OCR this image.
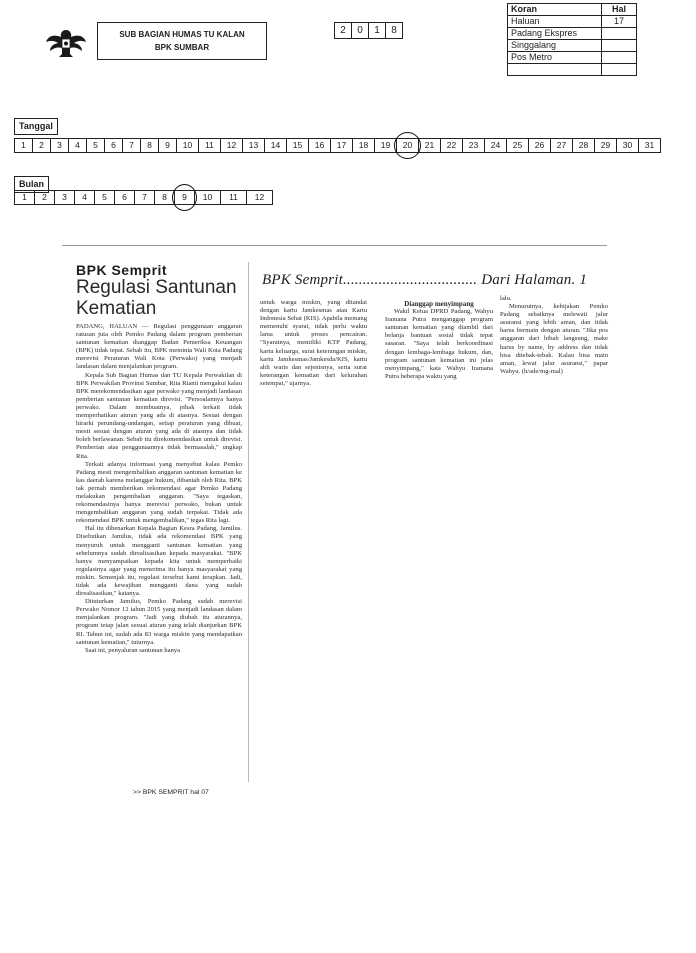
SUB BAGIAN HUMAS TU KALAN
BPK SUMBAR
2	0	1	8
Koran	Hal
Haluan	17
Padang Ekspres	
Singgalang	
Pos Metro	

Tanggal
1	2	3	4	5	6	7	8	9	10	11	12	13	14	15	16	17	18	19	20	21	22	23	24	25	26	27	28	29	30	31
Bulan
1	2	3	4	5	6	7	8	9	10	11	12
BPK Semprit
Regulasi Santunan
Kematian
BPK Semprit.................................. Dari Halaman. 1

PADANG, HALUAN — Regulasi penggunaan anggaran ratusan juta oleh Pemko Padang dalam program pemberian santunan kematian dianggap Badan Pemeriksa Keuangan (BPK) tidak tepat. Sebab itu, BPK meminta Wali Kota Padang merevisi Peraturan Wali Kota (Perwako) yang menjadi landasan dalam menjalankan program.

Kepala Sub Bagian Humas dan TU Kepala Perwakilan di BPK Perwakilan Provinsi Sumbar, Rita Rianti mengakui kalau BPK merekomendasikan agar perwako yang menjadi landasan pemberian santunan kematian direvisi. "Persoalannya hanya perwako. Dalam membuatnya, pihak terkait tidak memperhatikan aturan yang ada di atasnya. Sesuai dengan hirarki perundang-undangan, setiap peraturan yang dibuat, mesti sesuai dengan aturan yang ada di atasnya dan tidak boleh berlawanan. Sebab itu direkomendasikan untuk direvisi. Pemberian atas penggunaannya tidak bermasalah," ungkap Rita.

Terkait adanya informasi yang menyebut kalau Pemko Padang mesti mengembalikan anggaran santunan kematian ke kas daerah karena melanggar hukum, dibantah oleh Rita. BPK tak pernah memberikan rekomendasi agar Pemko Padang melakukan pengembalian anggaran. "Saya tegaskan, rekomendasinya hanya merevisi perwako, bukan untuk mengembalikan anggaran yang sudah terpakai. Tidak ada rekomendasi BPK untuk mengembalikan," tegas Rita lagi.

Hal itu dibenarkan Kepala Bagian Kesra Padang, Jamilus. Disebutkan Jamilus, tidak ada rekomendasi BPK yang menyuruh untuk mengganti santunan kematian yang sebelumnya sudah direalisasikan kepada masyarakat. "BPK hanya menyampaikan kepada kita untuk memperbaiki regulasinya agar yang menerima itu hanya masyarakat yang miskin. Semenjak itu, regulasi tersebut kami terapkan. Jadi, tidak ada kewajiban mengganti dana yang sudah direalisasikan," katanya.

Dituturkan Jamilus, Pemko Padang sudah merevisi Perwako Nomor 12 tahun 2015 yang menjadi landasan dalam menjalankan program. "Jadi yang diubah itu aturannya, program tetap jalan sesuai aturan yang telah dianjurkan BPK RI. Tahun ini, sudah ada 83 warga miskin yang mendapatkan santunan kematian," tuturnya.

Saat ini, penyaluran santunan hanya

>> BPK SEMPRIT hal 07

untuk warga miskin, yang ditandai dengan kartu Jamkesmas atau Kartu Indonesia Sehat (KIS). Apabila memang memenuhi syarat, tidak perlu waktu lama untuk proses pencairan. "Syaratnya, memiliki KTP Padang, kartu keluarga, surat keterangan miskin, kartu Jamkesmas/Jamkesda/KIS, kartu ahli waris dan sejenisnya, serta surat keterangan kematian dari kelurahan setempat," ujarnya.

Dianggap menyimpang

Wakil Ketua DPRD Padang, Wahyu Iramana Putra menganggap program santunan kematian yang diambil dari belanja bantuan sosial tidak tepat sasaran. "Saya telah berkoordinasi dengan lembaga-lembaga hukum, dan, program santunan kematian ini jelas menyimpang," kata Wahyu Iramana Putra beberapa waktu yang

lalu.

Menurutnya, kebijakan Pemko Padang sebaiknya melewati jalur asuransi yang lebih aman, dan tidak harus bermain dengan aturan. "Jika pos anggaran dari hibah langsung, make harus by name, by address dan tidak bisa ditebak-tebak. Kalau bisa main aman, lewat jalur asuransi," papar Wahyu. (h/ade/mg-mal)
